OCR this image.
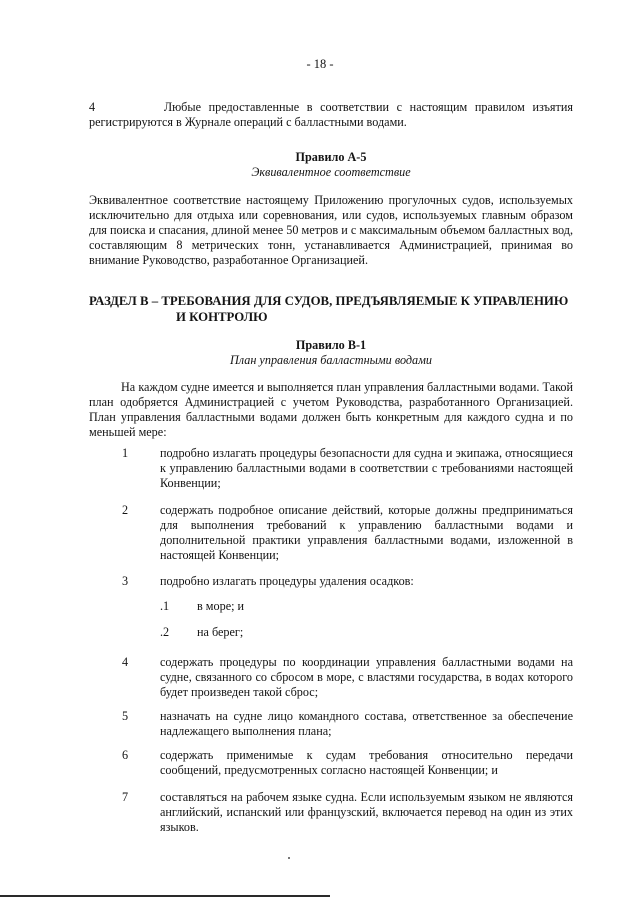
- 18 -
4         Любые предоставленные в соответствии с настоящим правилом изъятия
регистрируются в Журнале операций с балластными водами.
Правило А-5
Эквивалентное соответствие
Эквивалентное соответствие настоящему Приложению прогулочных судов, используемых исключительно для отдыха или соревнования, или судов, используемых главным образом для поиска и спасания, длиной менее 50 метров и с максимальным объемом балластных вод, составляющим 8 метрических тонн, устанавливается Администрацией, принимая во внимание Руководство, разработанное Организацией.
РАЗДЕЛ В – ТРЕБОВАНИЯ ДЛЯ СУДОВ, ПРЕДЪЯВЛЯЕМЫЕ К УПРАВЛЕНИЮ
И КОНТРОЛЮ
Правило В-1
План управления балластными водами
На каждом судне имеется и выполняется план управления балластными водами. Такой план одобряется Администрацией с учетом Руководства, разработанного Организацией. План управления балластными водами должен быть конкретным для каждого судна и по меньшей мере:
1	подробно излагать процедуры безопасности для судна и экипажа, относящиеся к управлению балластными водами в соответствии с требованиями настоящей Конвенции;
2	содержать подробное описание действий, которые должны предприниматься для выполнения требований к управлению балластными водами и дополнительной практики управления балластными водами, изложенной в настоящей Конвенции;
3	подробно излагать процедуры удаления осадков:
.1	в море; и
.2	на берег;
4	содержать процедуры по координации управления балластными водами на судне, связанного со сбросом в море, с властями государства, в водах которого будет произведен такой сброс;
5	назначать на судне лицо командного состава, ответственное за обеспечение надлежащего выполнения плана;
6	содержать применимые к судам требования относительно передачи сообщений, предусмотренных согласно настоящей Конвенции; и
7	составляться на рабочем языке судна. Если используемым языком не являются английский, испанский или французский, включается перевод на один из этих языков.
